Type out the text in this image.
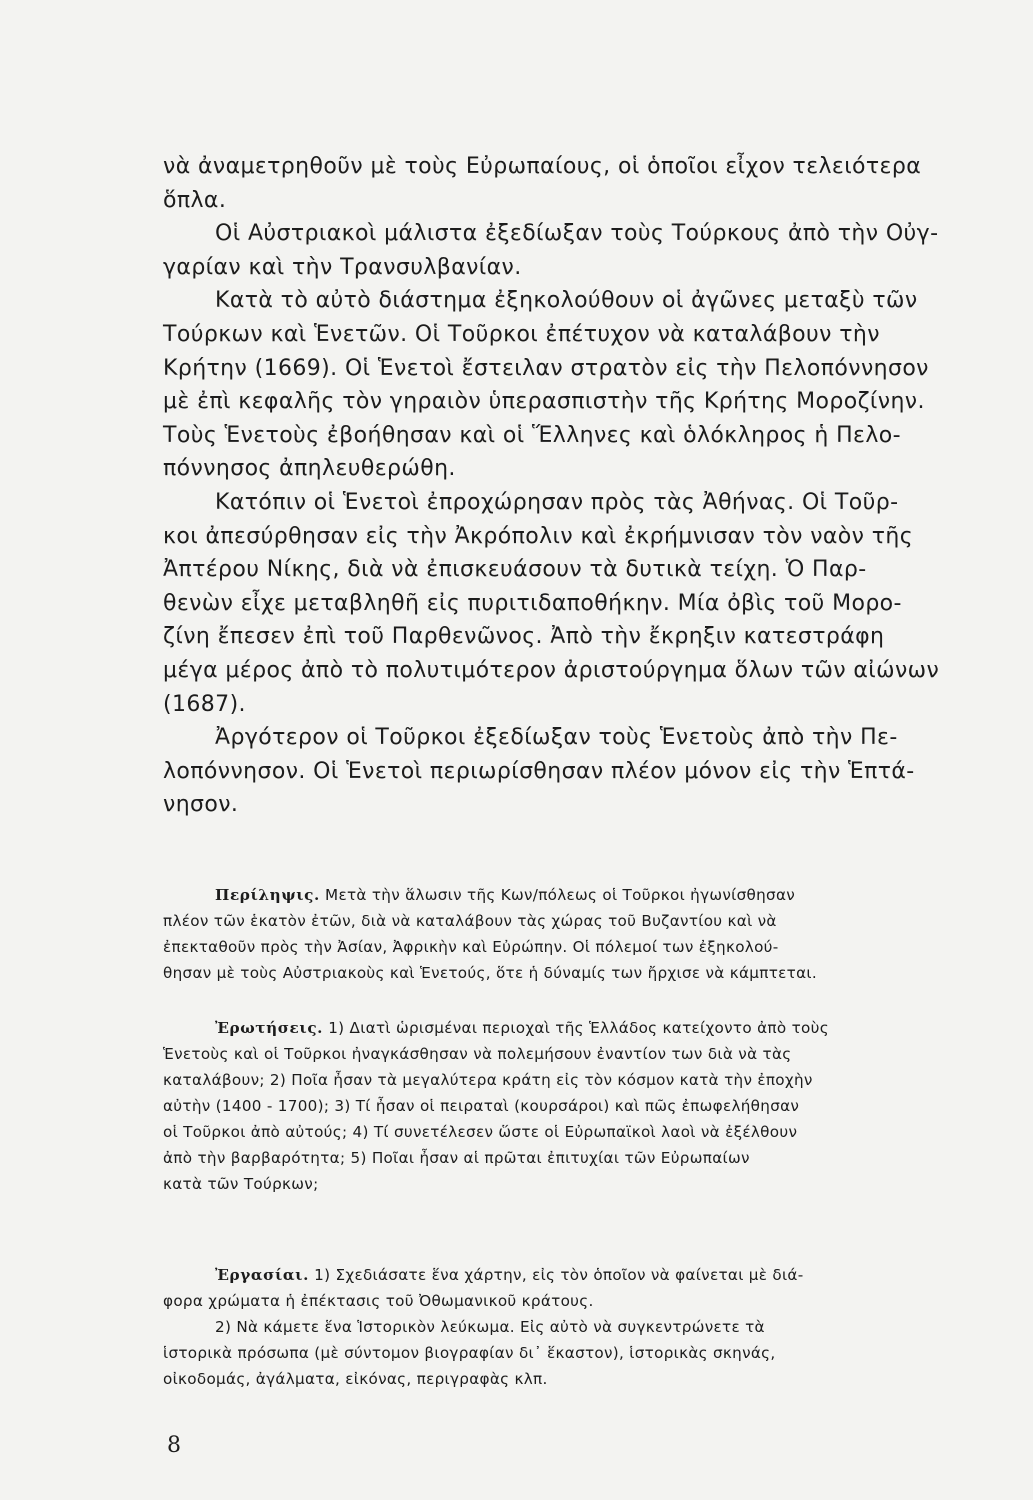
νὰ ἀναμετρηθοῦν μὲ τοὺς Εὐρωπαίους, οἱ ὁποῖοι εἶχον τελειότερα
ὅπλα.
Οἱ Αὐστριακοὶ μάλιστα ἐξεδίωξαν τοὺς Τούρκους ἀπὸ τὴν Οὐγ-
γαρίαν καὶ τὴν Τρανσυλβανίαν.
Κατὰ τὸ αὐτὸ διάστημα ἐξηκολούθουν οἱ ἀγῶνες μεταξὺ τῶν
Τούρκων καὶ Ἑνετῶν. Οἱ Τοῦρκοι ἐπέτυχον νὰ καταλάβουν τὴν
Κρήτην (1669). Οἱ Ἑνετοὶ ἔστειλαν στρατὸν εἰς τὴν Πελοπόννησον
μὲ ἐπὶ κεφαλῆς τὸν γηραιὸν ὑπερασπιστὴν τῆς Κρήτης Μοροζίνην.
Τοὺς Ἑνετοὺς ἐβοήθησαν καὶ οἱ Ἕλληνες καὶ ὁλόκληρος ἡ Πελο-
πόννησος ἀπηλευθερώθη.
Κατόπιν οἱ Ἑνετοὶ ἐπροχώρησαν πρὸς τὰς Ἀθήνας. Οἱ Τοῦρ-
κοι ἀπεσύρθησαν εἰς τὴν Ἀκρόπολιν καὶ ἐκρήμνισαν τὸν ναὸν τῆς
Ἀπτέρου Νίκης, διὰ νὰ ἐπισκευάσουν τὰ δυτικὰ τείχη. Ὁ Παρ-
θενὼν εἶχε μεταβληθῆ εἰς πυριτιδαποθήκην. Μία ὀβὶς τοῦ Μορο-
ζίνη ἔπεσεν ἐπὶ τοῦ Παρθενῶνος. Ἀπὸ τὴν ἔκρηξιν κατεστράφη
μέγα μέρος ἀπὸ τὸ πολυτιμότερον ἀριστούργημα ὅλων τῶν αἰώνων
(1687).
Ἀργότερον οἱ Τοῦρκοι ἐξεδίωξαν τοὺς Ἑνετοὺς ἀπὸ τὴν Πε-
λοπόννησον. Οἱ Ἑνετοὶ περιωρίσθησαν πλέον μόνον εἰς τὴν Ἑπτά-
νησον.
Περίληψις. Μετὰ τὴν ἅλωσιν τῆς Κων/πόλεως οἱ Τοῦρκοι ἠγωνίσθησαν
πλέον τῶν ἑκατὸν ἐτῶν, διὰ νὰ καταλάβουν τὰς χώρας τοῦ Βυζαντίου καὶ νὰ
ἐπεκταθοῦν πρὸς τὴν Ἀσίαν, Ἀφρικὴν καὶ Εὐρώπην. Οἱ πόλεμοί των ἐξηκολού-
θησαν μὲ τοὺς Αὐστριακοὺς καὶ Ἑνετούς, ὅτε ἡ δύναμίς των ἤρχισε νὰ κάμπτεται.
Ἐρωτήσεις. 1) Διατὶ ὡρισμέναι περιοχαὶ τῆς Ἑλλάδος κατείχοντο ἀπὸ τοὺς
Ἑνετοὺς καὶ οἱ Τοῦρκοι ἠναγκάσθησαν νὰ πολεμήσουν ἐναντίον των διὰ νὰ τὰς
καταλάβουν; 2) Ποῖα ἦσαν τὰ μεγαλύτερα κράτη εἰς τὸν κόσμον κατὰ τὴν ἐποχὴν
αὐτὴν (1400 - 1700); 3) Τί ἦσαν οἱ πειραταὶ (κουρσάροι) καὶ πῶς ἐπωφελήθησαν
οἱ Τοῦρκοι ἀπὸ αὐτούς; 4) Τί συνετέλεσεν ὥστε οἱ Εὐρωπαϊκοὶ λαοὶ νὰ ἐξέλθουν
ἀπὸ τὴν βαρβαρότητα; 5) Ποῖαι ἦσαν αἱ πρῶται ἐπιτυχίαι τῶν Εὐρωπαίων
κατὰ τῶν Τούρκων;
Ἐργασίαι. 1) Σχεδιάσατε ἕνα χάρτην, εἰς τὸν ὁποῖον νὰ φαίνεται μὲ διά-
φορα χρώματα ἡ ἐπέκτασις τοῦ Ὀθωμανικοῦ κράτους.
2) Νὰ κάμετε ἕνα Ἱστορικὸν λεύκωμα. Εἰς αὐτὸ νὰ συγκεντρώνετε τὰ
ἱστορικὰ πρόσωπα (μὲ σύντομον βιογραφίαν δι᾿ ἕκαστον), ἱστορικὰς σκηνάς,
οἰκοδομάς, ἀγάλματα, εἰκόνας, περιγραφὰς κλπ.
8
